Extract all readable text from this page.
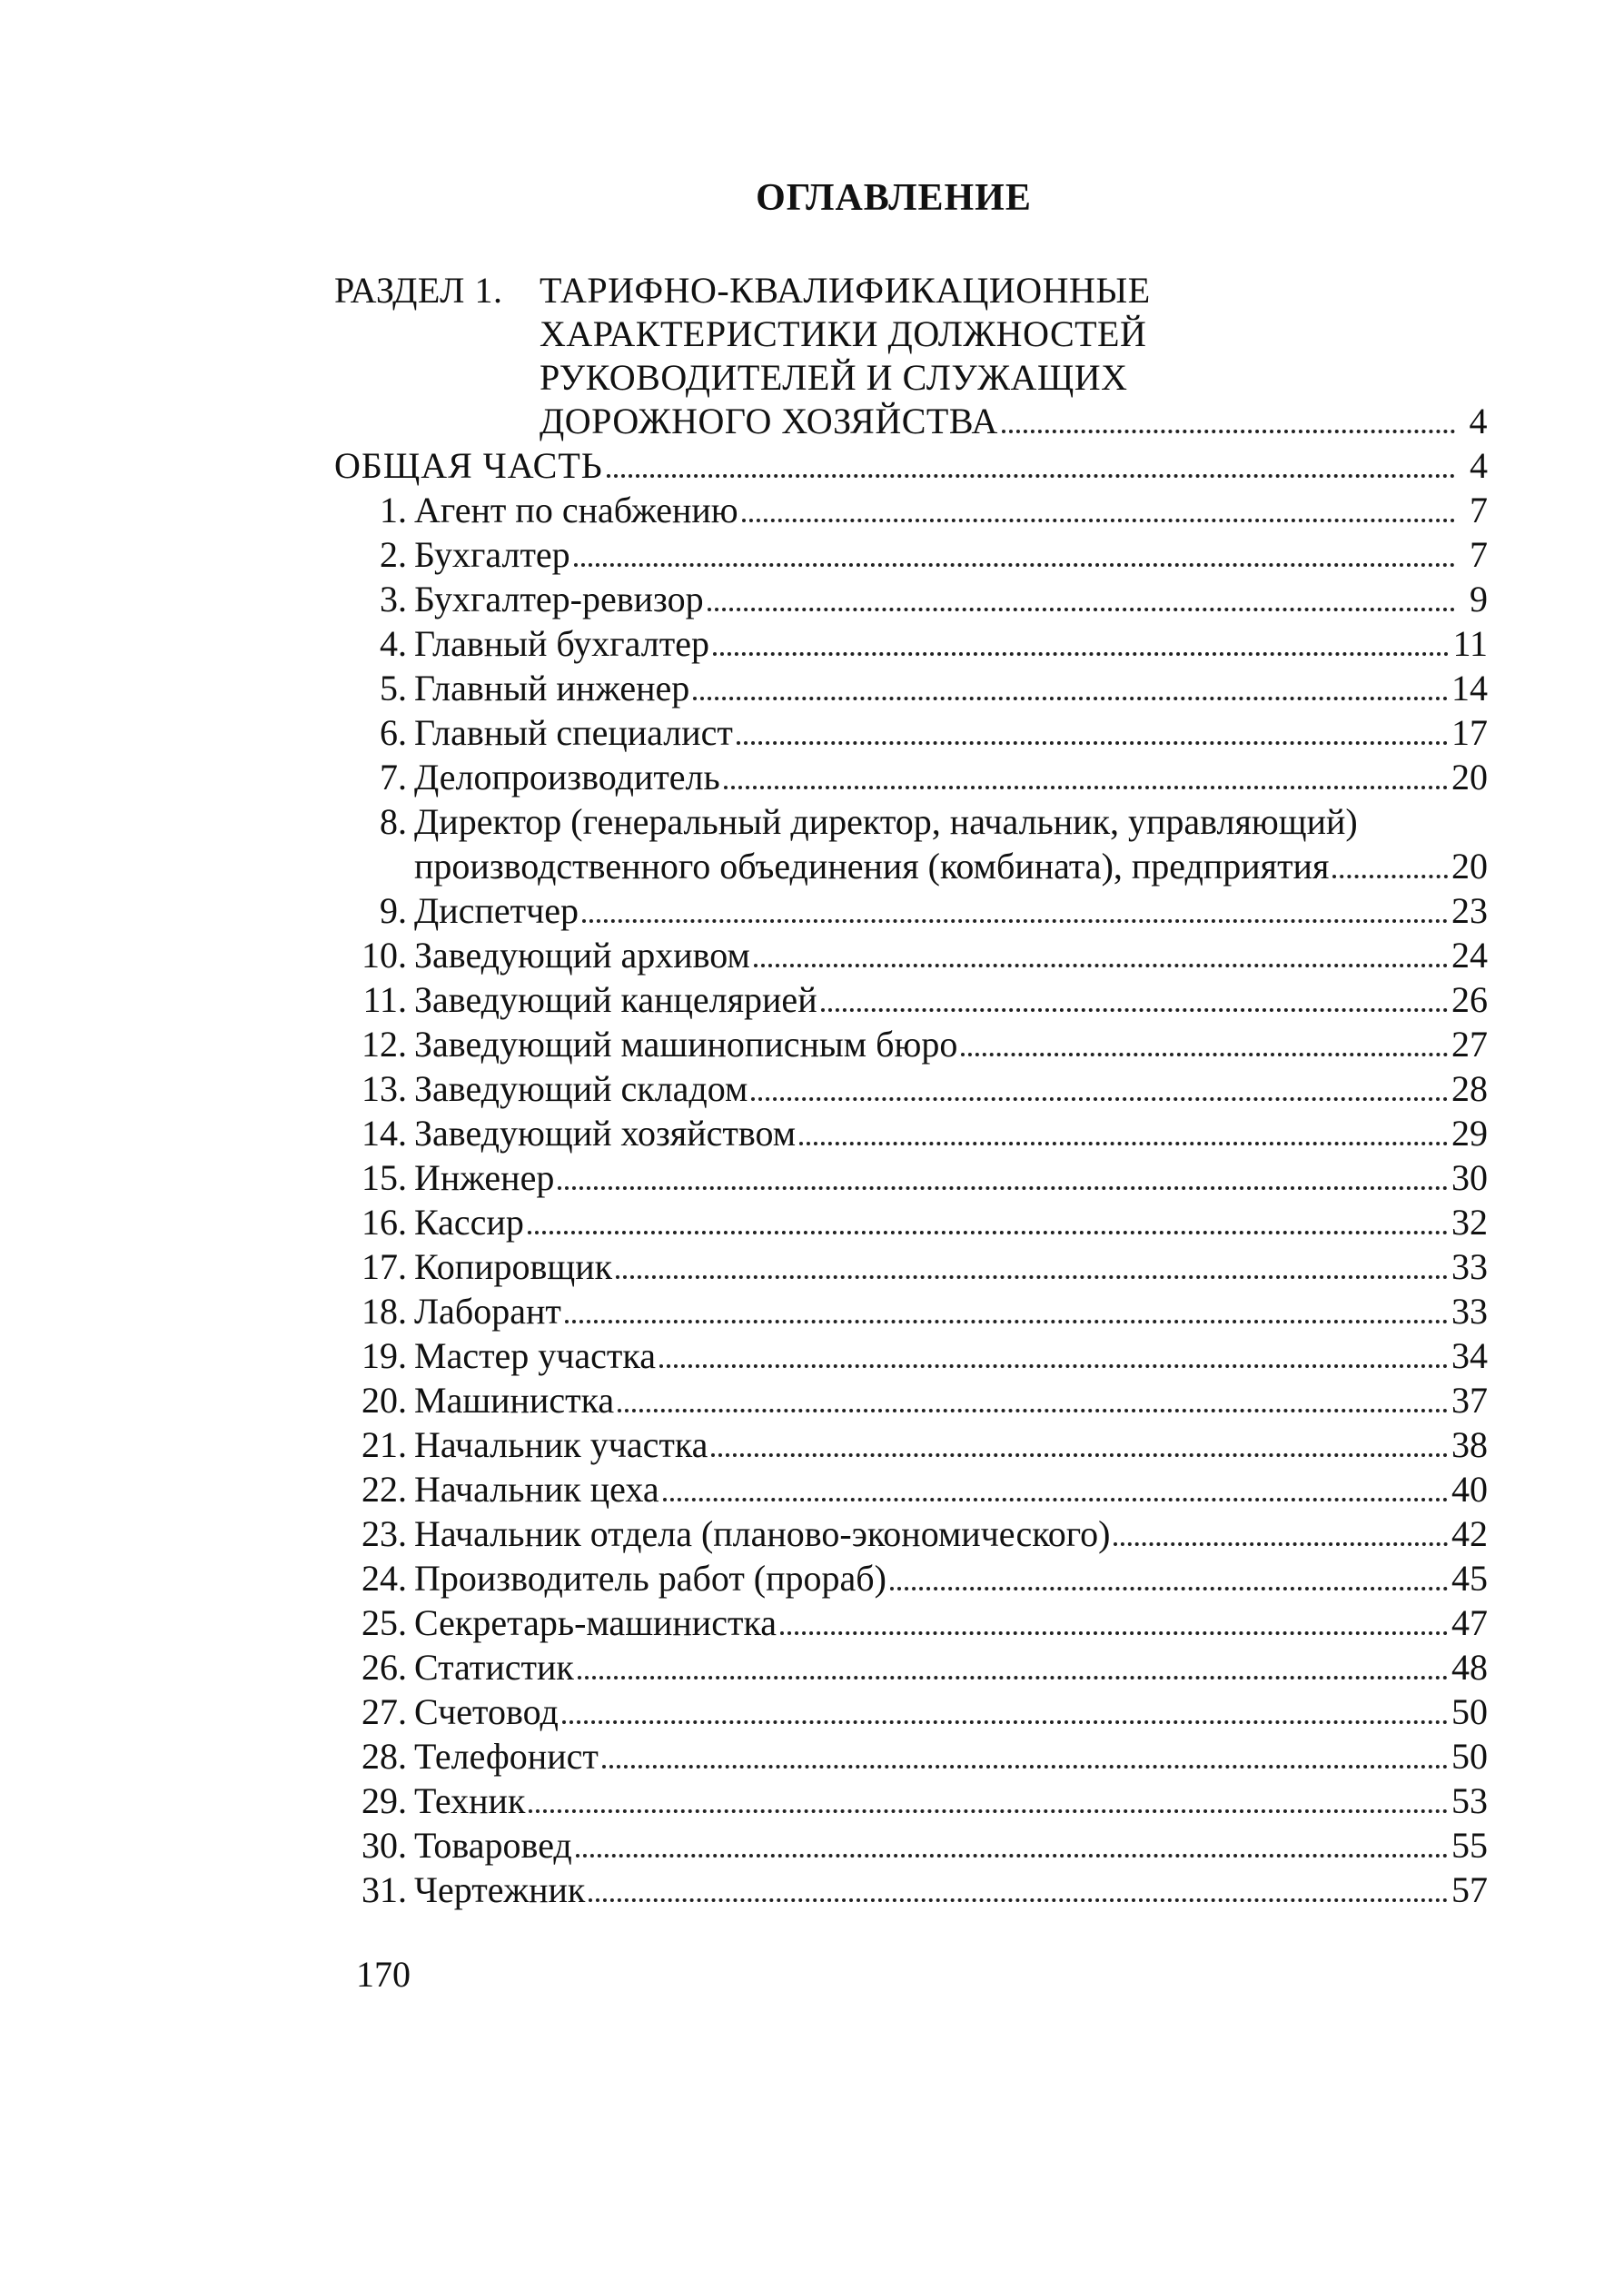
ОГЛАВЛЕНИЕ
РАЗДЕЛ 1.	ТАРИФНО-КВАЛИФИКАЦИОННЫЕ
ХАРАКТЕРИСТИКИ ДОЛЖНОСТЕЙ
РУКОВОДИТЕЛЕЙ И СЛУЖАЩИХ
ДОРОЖНОГО ХОЗЯЙСТВА	4
ОБЩАЯ ЧАСТЬ	4
1. Агент по снабжению	7
2. Бухгалтер	7
3. Бухгалтер-ревизор	9
4. Главный бухгалтер	11
5. Главный инженер	14
6. Главный специалист	17
7. Делопроизводитель	20
8. Директор (генеральный директор, начальник, управляющий)
производственного объединения (комбината), предприятия	20
9. Диспетчер	23
10. Заведующий архивом	24
11. Заведующий канцелярией	26
12. Заведующий машинописным бюро	27
13. Заведующий складом	28
14. Заведующий хозяйством	29
15. Инженер	30
16. Кассир	32
17. Копировщик	33
18. Лаборант	33
19. Мастер участка	34
20. Машинистка	37
21. Начальник участка	38
22. Начальник цеха	40
23. Начальник отдела (планово-экономического)	42
24. Производитель работ (прораб)	45
25. Секретарь-машинистка	47
26. Статистик	48
27. Счетовод	50
28. Телефонист	50
29. Техник	53
30. Товаровед	55
31. Чертежник	57
170
